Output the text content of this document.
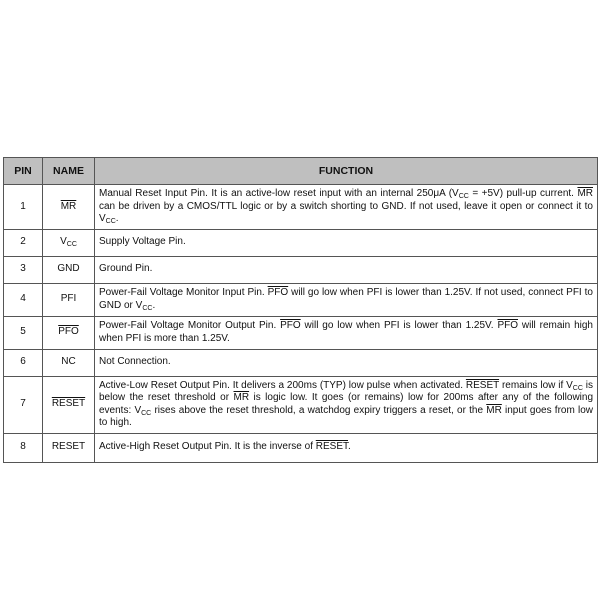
PIN	NAME	FUNCTION
1	$\overline{MR}$	Manual Reset Input Pin. It is an active-low reset input with an internal 250μA $(V_{CC} = +5V)$ pull-up current. $\overline{MR}$ can be driven by a CMOS/TTL logic or by a switch shorting to GND. If not used, leave it open or connect it to $V_{CC}$.
2	$V_{CC}$	Supply Voltage Pin.
3	GND	Ground Pin.
4	PFI	Power-Fail Voltage Monitor Input Pin. $\overline{PFO}$ will go low when PFI is lower than 1.25V. If not used, connect PFI to GND or $V_{CC}$.
5	$\overline{PFO}$	Power-Fail Voltage Monitor Output Pin. $\overline{PFO}$ will go low when PFI is lower than 1.25V. $\overline{PFO}$ will remain high when PFI is more than 1.25V.
6	NC	Not Connection.
7	RESET	Active-Low Reset Output Pin. It delivers a 200ms (TYP) low pulse when activated. RESET remains low if $V_{CC}$ is below the reset threshold or $\overline{MR}$ is logic low. It goes (or remains) low for 200ms after any of the following events: $V_{CC}$ rises above the reset threshold, a watchdog expiry triggers a reset, or the $\overline{MR}$ input goes from low to high.
8	RESET	Active-High Reset Output Pin. It is the inverse of RESET.
